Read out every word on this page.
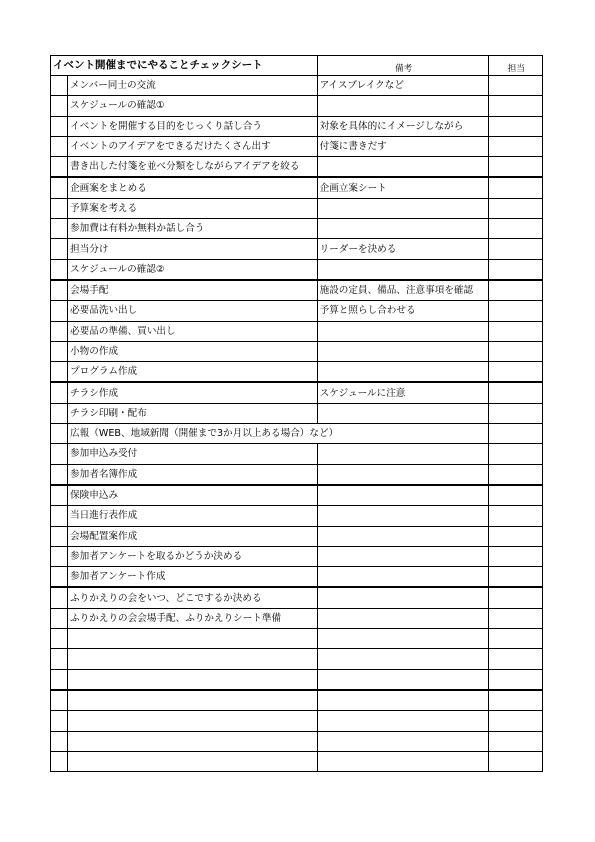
イベント開催までにやることチェックシート		備考	担当
	メンバー同士の交流	アイスブレイクなど	
	スケジュールの確認①		
	イベントを開催する目的をじっくり話し合う	対象を具体的にイメージしながら	
	イベントのアイデアをできるだけたくさん出す	付箋に書きだす	
	書き出した付箋を並べ分類をしながらアイデアを絞る		
	企画案をまとめる	企画立案シート	
	予算案を考える		
	参加費は有料か無料か話し合う		
	担当分け	リーダーを決める	
	スケジュールの確認②		
	会場手配	施設の定員、備品、注意事項を確認	
	必要品洗い出し	予算と照らし合わせる	
	必要品の準備、買い出し		
	小物の作成		
	プログラム作成		
	チラシ作成	スケジュールに注意	
	チラシ印刷・配布		
	広報（WEB、地域新聞（開催まで3か月以上ある場合）など）		
	参加申込み受付		
	参加者名簿作成		
	保険申込み		
	当日進行表作成		
	会場配置案作成		
	参加者アンケートを取るかどうか決める		
	参加者アンケート作成		
	ふりかえりの会をいつ、どこでするか決める		
	ふりかえりの会会場手配、ふりかえりシート準備		
